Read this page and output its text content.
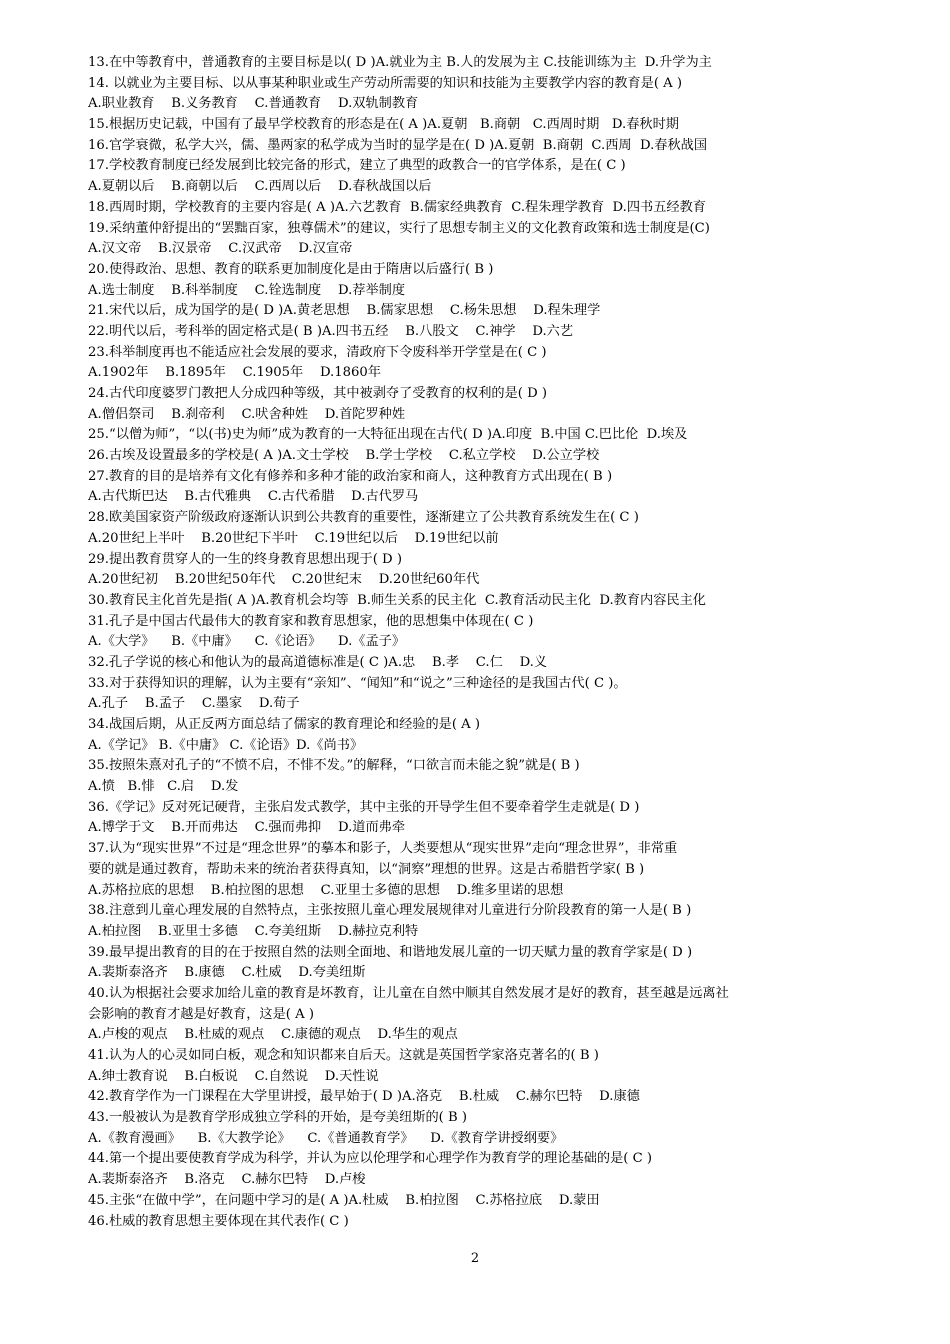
13.在中等教育中，普通教育的主要目标是以( D )A.就业为主 B.人的发展为主 C.技能训练为主  D.升学为主
14. 以就业为主要目标、以从事某种职业或生产劳动所需要的知识和技能为主要教学内容的教育是( A )
A.职业教育    B.义务教育    C.普通教育    D.双轨制教育
15.根据历史记载，中国有了最早学校教育的形态是在( A )A.夏朝   B.商朝   C.西周时期   D.春秋时期
16.官学衰微，私学大兴，儒、墨两家的私学成为当时的显学是在( D )A.夏朝  B.商朝  C.西周  D.春秋战国
17.学校教育制度已经发展到比较完备的形式，建立了典型的政教合一的官学体系，是在( C )
A.夏朝以后    B.商朝以后    C.西周以后    D.春秋战国以后
18.西周时期，学校教育的主要内容是( A )A.六艺教育  B.儒家经典教育  C.程朱理学教育  D.四书五经教育
19.采纳董仲舒提出的“罢黜百家，独尊儒术”的建议，实行了思想专制主义的文化教育政策和选士制度是(C)
A.汉文帝    B.汉景帝    C.汉武帝    D.汉宣帝
20.使得政治、思想、教育的联系更加制度化是由于隋唐以后盛行( B )
A.选士制度    B.科举制度    C.铨选制度    D.荐举制度
21.宋代以后，成为国学的是( D )A.黄老思想    B.儒家思想    C.杨朱思想    D.程朱理学
22.明代以后，考科举的固定格式是( B )A.四书五经    B.八股文    C.神学    D.六艺
23.科举制度再也不能适应社会发展的要求，清政府下令废科举开学堂是在( C )
A.1902年    B.1895年    C.1905年    D.1860年
24.古代印度婆罗门教把人分成四种等级，其中被剥夺了受教育的权利的是( D )
A.僧侣祭司    B.刹帝利    C.吠舍种姓    D.首陀罗种姓
25.“以僧为师”，“以(书)史为师”成为教育的一大特征出现在古代( D )A.印度  B.中国 C.巴比伦  D.埃及
26.古埃及设置最多的学校是( A )A.文士学校    B.学士学校    C.私立学校    D.公立学校
27.教育的目的是培养有文化有修养和多种才能的政治家和商人，这种教育方式出现在( B )
A.古代斯巴达    B.古代雅典    C.古代希腊    D.古代罗马
28.欧美国家资产阶级政府逐渐认识到公共教育的重要性，逐渐建立了公共教育系统发生在( C )
A.20世纪上半叶    B.20世纪下半叶    C.19世纪以后    D.19世纪以前
29.提出教育贯穿人的一生的终身教育思想出现于( D )
A.20世纪初    B.20世纪50年代    C.20世纪末    D.20世纪60年代
30.教育民主化首先是指( A )A.教育机会均等  B.师生关系的民主化  C.教育活动民主化  D.教育内容民主化
31.孔子是中国古代最伟大的教育家和教育思想家，他的思想集中体现在( C )
A.《大学》    B.《中庸》    C.《论语》    D.《孟子》
32.孔子学说的核心和他认为的最高道德标准是( C )A.忠    B.孝    C.仁    D.义
33.对于获得知识的理解，认为主要有“亲知”、“闻知”和“说之”三种途径的是我国古代( C )。
A.孔子    B.孟子    C.墨家    D.荀子
34.战国后期，从正反两方面总结了儒家的教育理论和经验的是( A )
A.《学记》 B.《中庸》 C.《论语》D.《尚书》
35.按照朱熹对孔子的“不愤不启，不悱不发。”的解释，“口欲言而未能之貌”就是( B )
A.愤   B.悱   C.启    D.发
36.《学记》反对死记硬背，主张启发式教学，其中主张的开导学生但不要牵着学生走就是( D )
A.博学于文    B.开而弗达    C.强而弗抑    D.道而弗牵
37.认为“现实世界”不过是“理念世界”的摹本和影子，人类要想从“现实世界”走向“理念世界”，非常重
要的就是通过教育，帮助未来的统治者获得真知，以“洞察”理想的世界。这是古希腊哲学家( B )
A.苏格拉底的思想    B.柏拉图的思想    C.亚里士多德的思想    D.维多里诺的思想
38.注意到儿童心理发展的自然特点，主张按照儿童心理发展规律对儿童进行分阶段教育的第一人是( B )
A.柏拉图    B.亚里士多德    C.夸美纽斯    D.赫拉克利特
39.最早提出教育的目的在于按照自然的法则全面地、和谐地发展儿童的一切天赋力量的教育学家是( D )
A.裴斯泰洛齐    B.康德    C.杜威    D.夸美纽斯
40.认为根据社会要求加给儿童的教育是坏教育，让儿童在自然中顺其自然发展才是好的教育，甚至越是远离社
会影响的教育才越是好教育，这是( A )
A.卢梭的观点    B.杜威的观点    C.康德的观点    D.华生的观点
41.认为人的心灵如同白板，观念和知识都来自后天。这就是英国哲学家洛克著名的( B )
A.绅士教育说    B.白板说    C.自然说    D.天性说
42.教育学作为一门课程在大学里讲授，最早始于( D )A.洛克    B.杜威    C.赫尔巴特    D.康德
43.一般被认为是教育学形成独立学科的开始，是夸美纽斯的( B )
A.《教育漫画》    B.《大教学论》    C.《普通教育学》    D.《教育学讲授纲要》
44.第一个提出要使教育学成为科学，并认为应以伦理学和心理学作为教育学的理论基础的是( C )
A.裴斯泰洛齐    B.洛克    C.赫尔巴特    D.卢梭
45.主张“在做中学”，在问题中学习的是( A )A.杜威    B.柏拉图    C.苏格拉底    D.蒙田
46.杜威的教育思想主要体现在其代表作( C )
2
